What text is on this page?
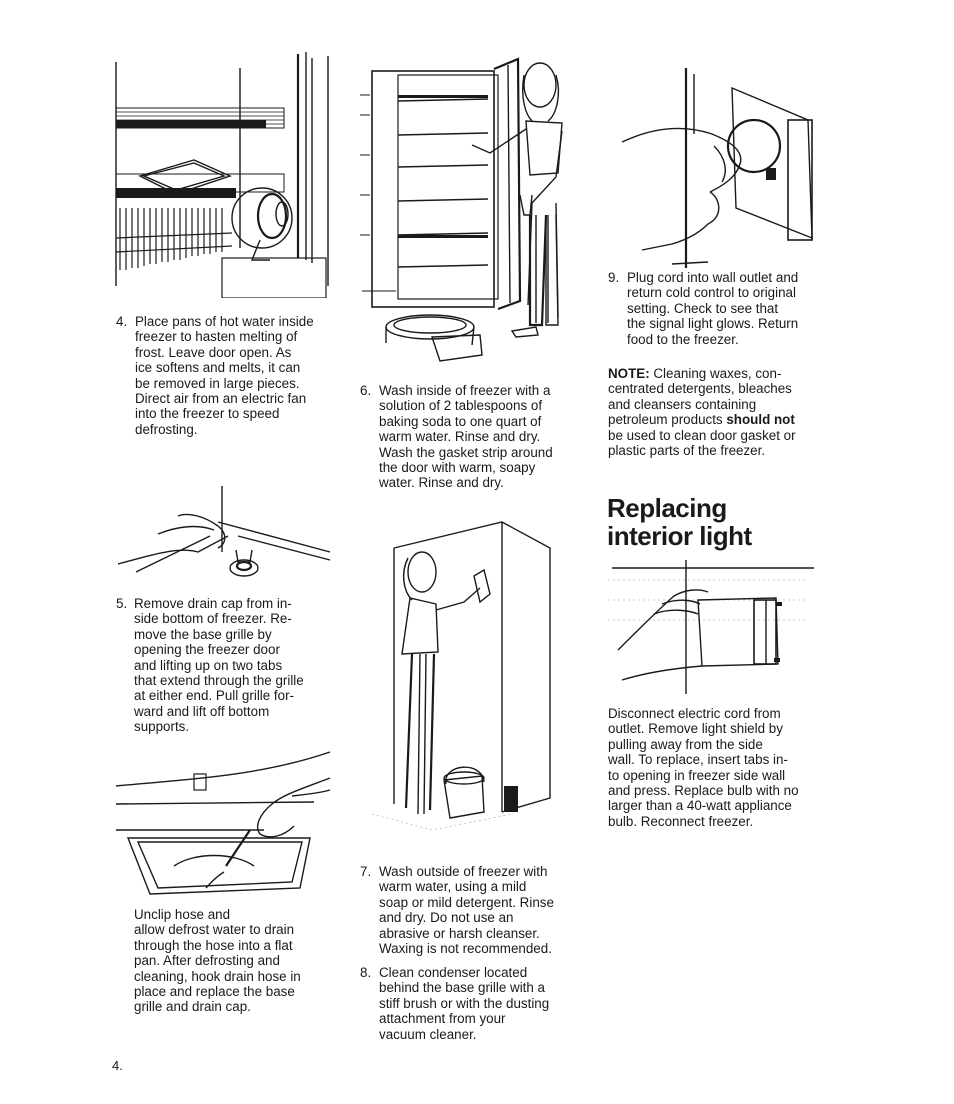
4. Place pans of hot water inside
freezer to hasten melting of
frost. Leave door open. As
ice softens and melts, it can
be removed in large pieces.
Direct air from an electric fan
into the freezer to speed
defrosting.

5. Remove drain cap from in-
side bottom of freezer. Re-
move the base grille by
opening the freezer door
and lifting up on two tabs
that extend through the grille
at either end. Pull grille for-
ward and lift off bottom
supports.

Unclip hose and
allow defrost water to drain
through the hose into a flat
pan. After defrosting and
cleaning, hook drain hose in
place and replace the base
grille and drain cap.

6. Wash inside of freezer with a
solution of 2 tablespoons of
baking soda to one quart of
warm water. Rinse and dry.
Wash the gasket strip around
the door with warm, soapy
water. Rinse and dry.

7. Wash outside of freezer with
warm water, using a mild
soap or mild detergent. Rinse
and dry. Do not use an
abrasive or harsh cleanser.
Waxing is not recommended.

8. Clean condenser located
behind the base grille with a
stiff brush or with the dusting
attachment from your
vacuum cleaner.

9. Plug cord into wall outlet and
return cold control to original
setting. Check to see that
the signal light glows. Return
food to the freezer.

NOTE: Cleaning waxes, con-
centrated detergents, bleaches
and cleansers containing
petroleum products should not
be used to clean door gasket or
plastic parts of the freezer.

Replacing
interior light

Disconnect electric cord from
outlet. Remove light shield by
pulling away from the side
wall. To replace, insert tabs in-
to opening in freezer side wall
and press. Replace bulb with no
larger than a 40-watt appliance
bulb. Reconnect freezer.

4.
